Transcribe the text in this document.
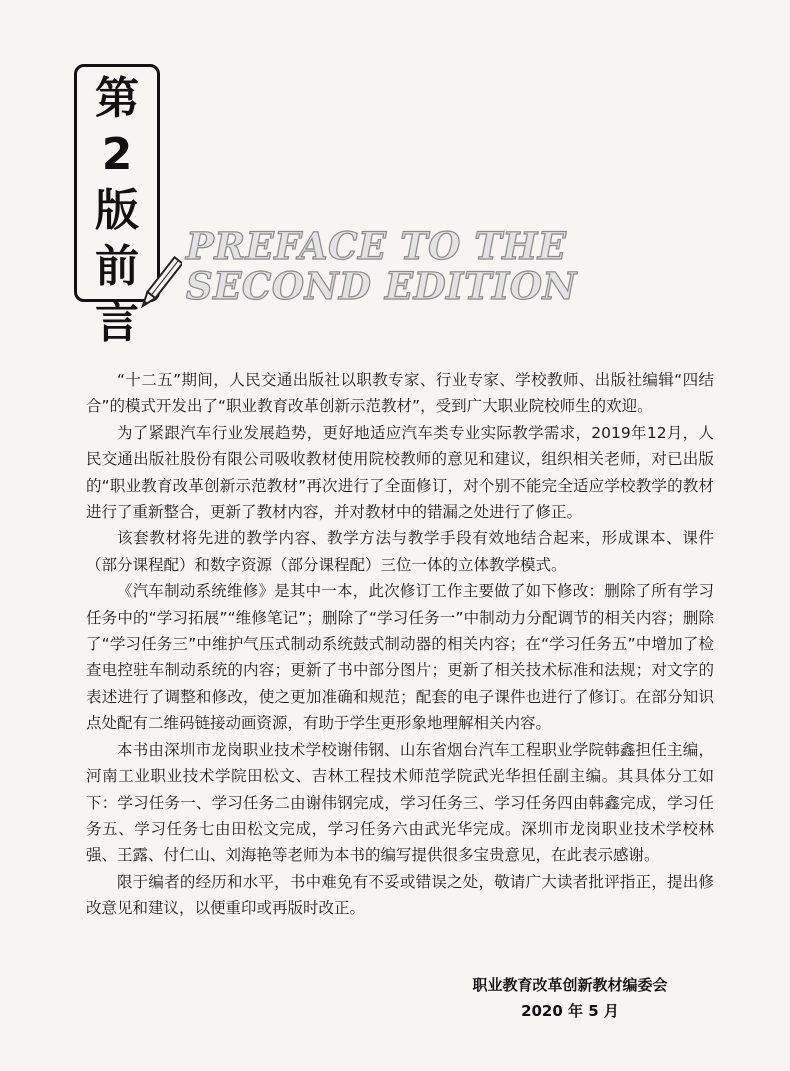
第
2
版
前
言
PREFACE TO THE
SECOND EDITION

“十二五”期间，人民交通出版社以职教专家、行业专家、学校教师、出版社编辑“四结合”的模式开发出了“职业教育改革创新示范教材”，受到广大职业院校师生的欢迎。

为了紧跟汽车行业发展趋势，更好地适应汽车类专业实际教学需求，2019年12月，人民交通出版社股份有限公司吸收教材使用院校教师的意见和建议，组织相关老师，对已出版的“职业教育改革创新示范教材”再次进行了全面修订，对个别不能完全适应学校教学的教材进行了重新整合，更新了教材内容，并对教材中的错漏之处进行了修正。

该套教材将先进的教学内容、教学方法与教学手段有效地结合起来，形成课本、课件（部分课程配）和数字资源（部分课程配）三位一体的立体教学模式。

《汽车制动系统维修》是其中一本，此次修订工作主要做了如下修改：删除了所有学习任务中的“学习拓展”“维修笔记”；删除了“学习任务一”中制动力分配调节的相关内容；删除了“学习任务三”中维护气压式制动系统鼓式制动器的相关内容；在“学习任务五”中增加了检查电控驻车制动系统的内容；更新了书中部分图片；更新了相关技术标准和法规；对文字的表述进行了调整和修改，使之更加准确和规范；配套的电子课件也进行了修订。在部分知识点处配有二维码链接动画资源，有助于学生更形象地理解相关内容。

本书由深圳市龙岗职业技术学校谢伟钢、山东省烟台汽车工程职业学院韩鑫担任主编，河南工业职业技术学院田松文、吉林工程技术师范学院武光华担任副主编。其具体分工如下：学习任务一、学习任务二由谢伟钢完成，学习任务三、学习任务四由韩鑫完成，学习任务五、学习任务七由田松文完成，学习任务六由武光华完成。深圳市龙岗职业技术学校林强、王露、付仁山、刘海艳等老师为本书的编写提供很多宝贵意见，在此表示感谢。

限于编者的经历和水平，书中难免有不妥或错误之处，敬请广大读者批评指正，提出修改意见和建议，以便重印或再版时改正。

职业教育改革创新教材编委会
2020 年 5 月
